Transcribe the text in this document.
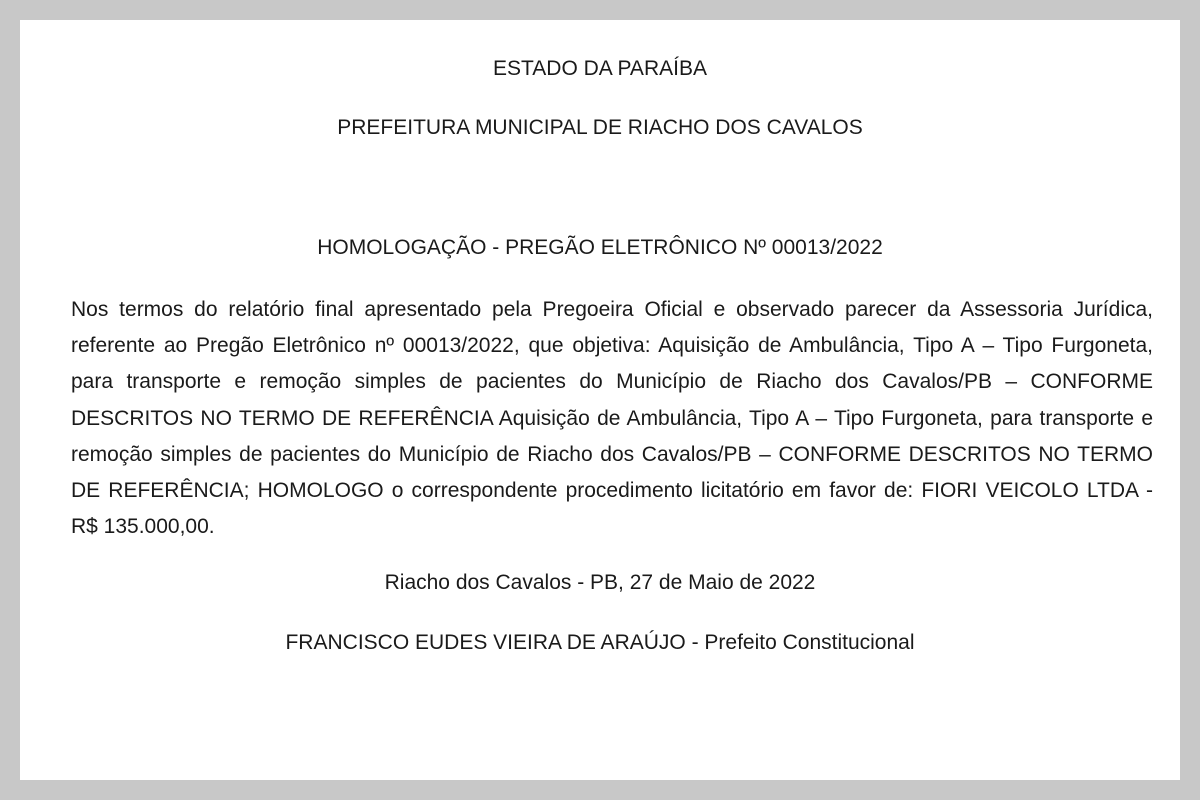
ESTADO DA PARAÍBA
PREFEITURA MUNICIPAL DE RIACHO DOS CAVALOS
HOMOLOGAÇÃO - PREGÃO ELETRÔNICO Nº 00013/2022

Nos termos do relatório final apresentado pela Pregoeira Oficial e observado parecer da Assessoria Jurídica, referente ao Pregão Eletrônico nº 00013/2022, que objetiva: Aquisição de Ambulância, Tipo A – Tipo Furgoneta, para transporte e remoção simples de pacientes do Município de Riacho dos Cavalos/PB – CONFORME DESCRITOS NO TERMO DE REFERÊNCIA Aquisição de Ambulância, Tipo A – Tipo Furgoneta, para transporte e remoção simples de pacientes do Município de Riacho dos Cavalos/PB – CONFORME DESCRITOS NO TERMO DE REFERÊNCIA; HOMOLOGO o correspondente procedimento licitatório em favor de: FIORI VEICOLO LTDA - R$ 135.000,00.

Riacho dos Cavalos - PB, 27 de Maio de 2022
FRANCISCO EUDES VIEIRA DE ARAÚJO - Prefeito Constitucional
